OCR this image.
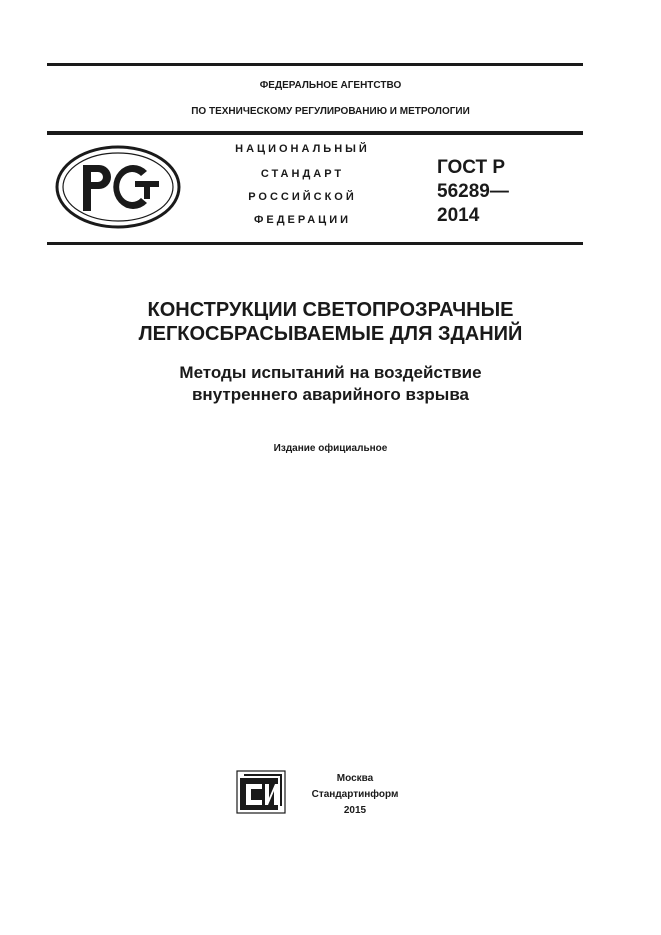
ФЕДЕРАЛЬНОЕ АГЕНТСТВО
ПО ТЕХНИЧЕСКОМУ РЕГУЛИРОВАНИЮ И МЕТРОЛОГИИ
НАЦИОНАЛЬНЫЙ
СТАНДАРТ
РОССИЙСКОЙ
ФЕДЕРАЦИИ
ГОСТ Р
56289—
2014
КОНСТРУКЦИИ СВЕТОПРОЗРАЧНЫЕ
ЛЕГКОСБРАСЫВАЕМЫЕ ДЛЯ ЗДАНИЙ
Методы испытаний на воздействие
внутреннего аварийного взрыва
Издание официальное
Москва
Стандартинформ
2015
